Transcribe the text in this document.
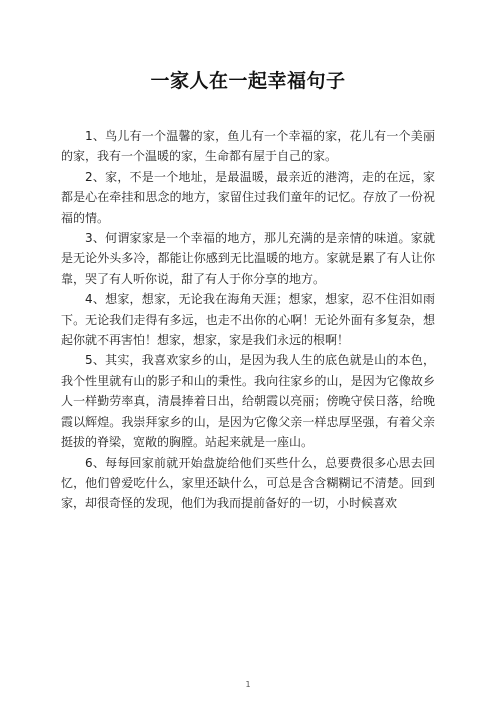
一家人在一起幸福句子

1、鸟儿有一个温馨的家，鱼儿有一个幸福的家，花儿有一个美丽的家，我有一个温暖的家，生命都有屋于自己的家。

2、家，不是一个地址，是最温暖，最亲近的港湾，走的在远，家都是心在牵挂和思念的地方，家留住过我们童年的记忆。存放了一份祝福的情。

3、何谓家家是一个幸福的地方，那儿充满的是亲情的味道。家就是无论外头多冷，都能让你感到无比温暖的地方。家就是累了有人让你靠，哭了有人听你说，甜了有人于你分享的地方。

4、想家，想家，无论我在海角天涯；想家，想家，忍不住泪如雨下。无论我们走得有多远，也走不出你的心啊！无论外面有多复杂，想起你就不再害怕！想家，想家，家是我们永远的根啊！

5、其实，我喜欢家乡的山，是因为我人生的底色就是山的本色，我个性里就有山的影子和山的秉性。我向往家乡的山，是因为它像故乡人一样勤劳率真，清晨捧着日出，给朝霞以亮丽；傍晚守侯日落，给晚霞以辉煌。我崇拜家乡的山，是因为它像父亲一样忠厚坚强，有着父亲挺拔的脊梁，宽敞的胸膛。站起来就是一座山。

6、每每回家前就开始盘旋给他们买些什么，总要费很多心思去回忆，他们曾爱吃什么，家里还缺什么，可总是含含糊糊记不清楚。回到家，却很奇怪的发现，他们为我而提前备好的一切，小时候喜欢

1
